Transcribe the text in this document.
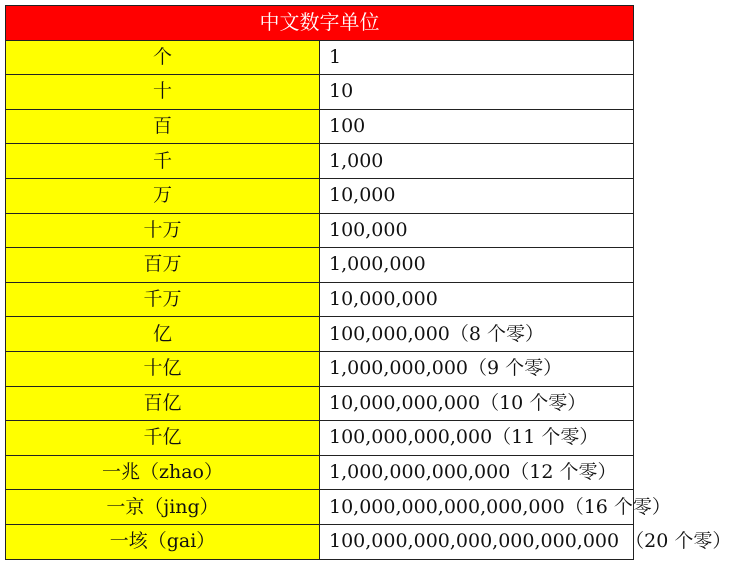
中文数字单位	
个	1
十	10
百	100
千	1,000
万	10,000
十万	100,000
百万	1,000,000
千万	10,000,000
亿	100,000,000（8 个零）
十亿	1,000,000,000（9 个零）
百亿	10,000,000,000（10 个零）
千亿	100,000,000,000（11 个零）
一兆（zhao）	1,000,000,000,000（12 个零）
一京（jing）	10,000,000,000,000,000（16 个零）
一垓（gai）	100,000,000,000,000,000,000 （20 个零）
